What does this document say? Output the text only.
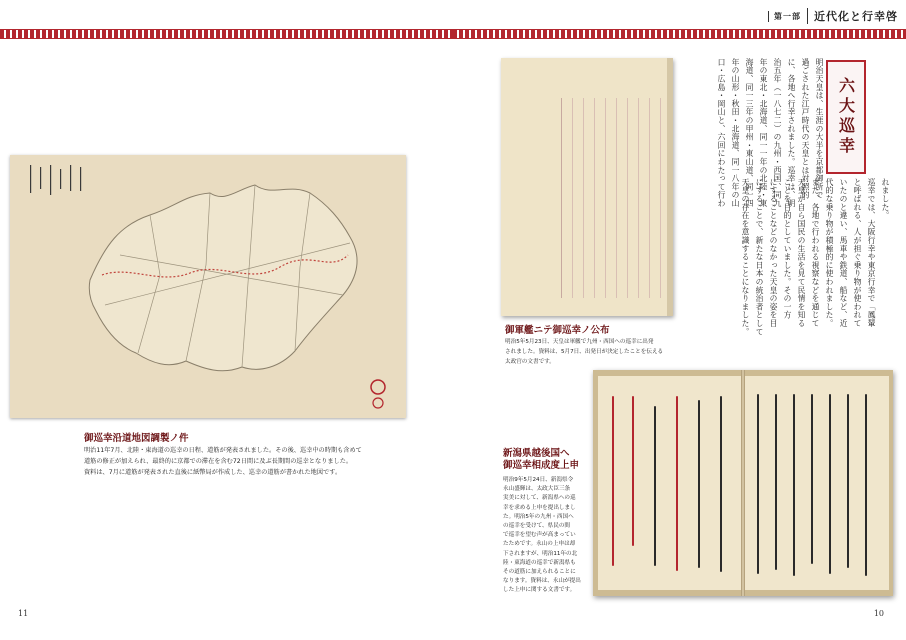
御巡幸沿道地図調製ノ件
明治11年7月、北陸・東海道の巡幸の日程、道筋が発表されました。その後、巡幸中の時期も含めて
道筋の修正が加えられ、最終的に京都での滞在を含む72日間に及ぶ長期間の巡幸となりました。
資料は、7月に道筋が発表された直後に紙幣局が作成した、巡幸の道筋が書かれた地図です。
11
第一部	近代化と行幸啓
六大巡幸
明治天皇は、生涯の大半を京都御所で
過ごされた江戸時代の天皇とは対照的
に、各地へ行幸されました。巡幸は、明
治五年（一八七二）の九州・西国、同九
年の東北・北海道、同一一年の北陸・東
海道、同一三年の甲州・東山道、同一四
年の山形・秋田・北海道、同一八年の山
口・広島・岡山と、六回にわたって行わ	れました。
巡幸では、大阪行幸や東京行幸で「鳳輦
と呼ばれる、人が担ぐ乗り物が使われて
いたのと違い、馬車や鉄道、船など、近
代的な乗り物が積極的に使われました。
また、各地で行われる視察などを通じて
天皇が自ら国民の生活を見て民情を知る
ことを目的としていました。その一方
にすることなどのなかった天皇の姿を目
にすることで、新たな日本の統治者として
天皇の存在を意識することになりました。
御軍艦ニテ御巡幸ノ公布
明治5年5月23日、天皇は軍艦で九州・西国への巡幸に出発
されました。資料は、5月7日、出発日が決定したことを伝える
太政官の文書です。
新潟県越後国へ
御巡幸相成度上申
明治9年5月24日、新潟県令
永山盛輝は、太政大臣三条
実美に対して、新潟県への巡
幸を求める上申を提出しまし
た。明治5年の九州・西国へ
の巡幸を受けて、県民の間
で巡幸を望む声が高まってい
たためです。永山の上申は却
下されますが、明治11年の北
陸・東海道の巡幸で新潟県も
その道筋に加えられることに
なります。資料は、永山が提出
した上申に関する文書です。
10
